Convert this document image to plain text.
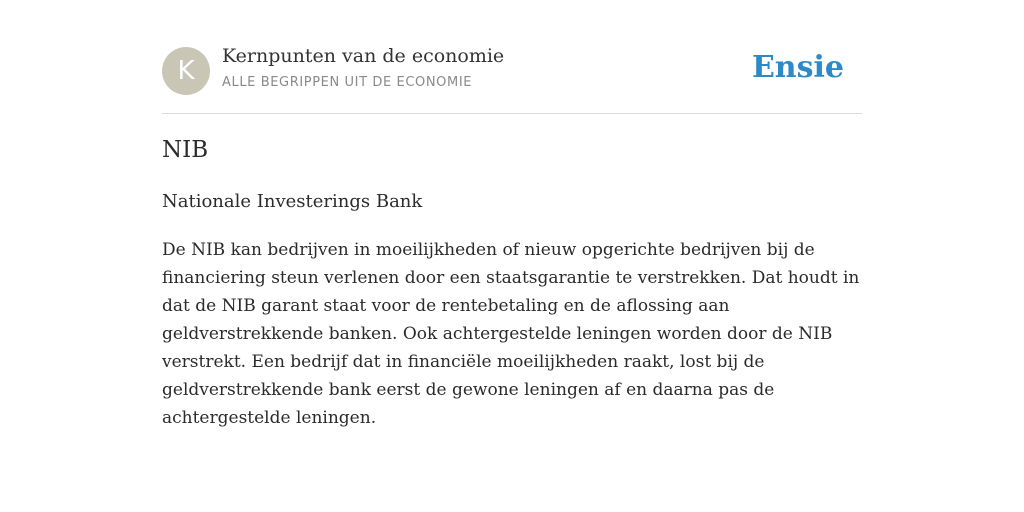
K	Kernpunten van de economie
ALLE BEGRIPPEN UIT DE ECONOMIE	Ensie
NIB
Nationale Investerings Bank

De NIB kan bedrijven in moeilijkheden of nieuw opgerichte bedrijven bij de financiering steun verlenen door een staatsgarantie te verstrekken. Dat houdt in dat de NIB garant staat voor de rentebetaling en de aflossing aan geldverstrekkende banken. Ook achtergestelde leningen worden door de NIB verstrekt. Een bedrijf dat in financiële moeilijkheden raakt, lost bij de geldverstrekkende bank eerst de gewone leningen af en daarna pas de achtergestelde leningen.
